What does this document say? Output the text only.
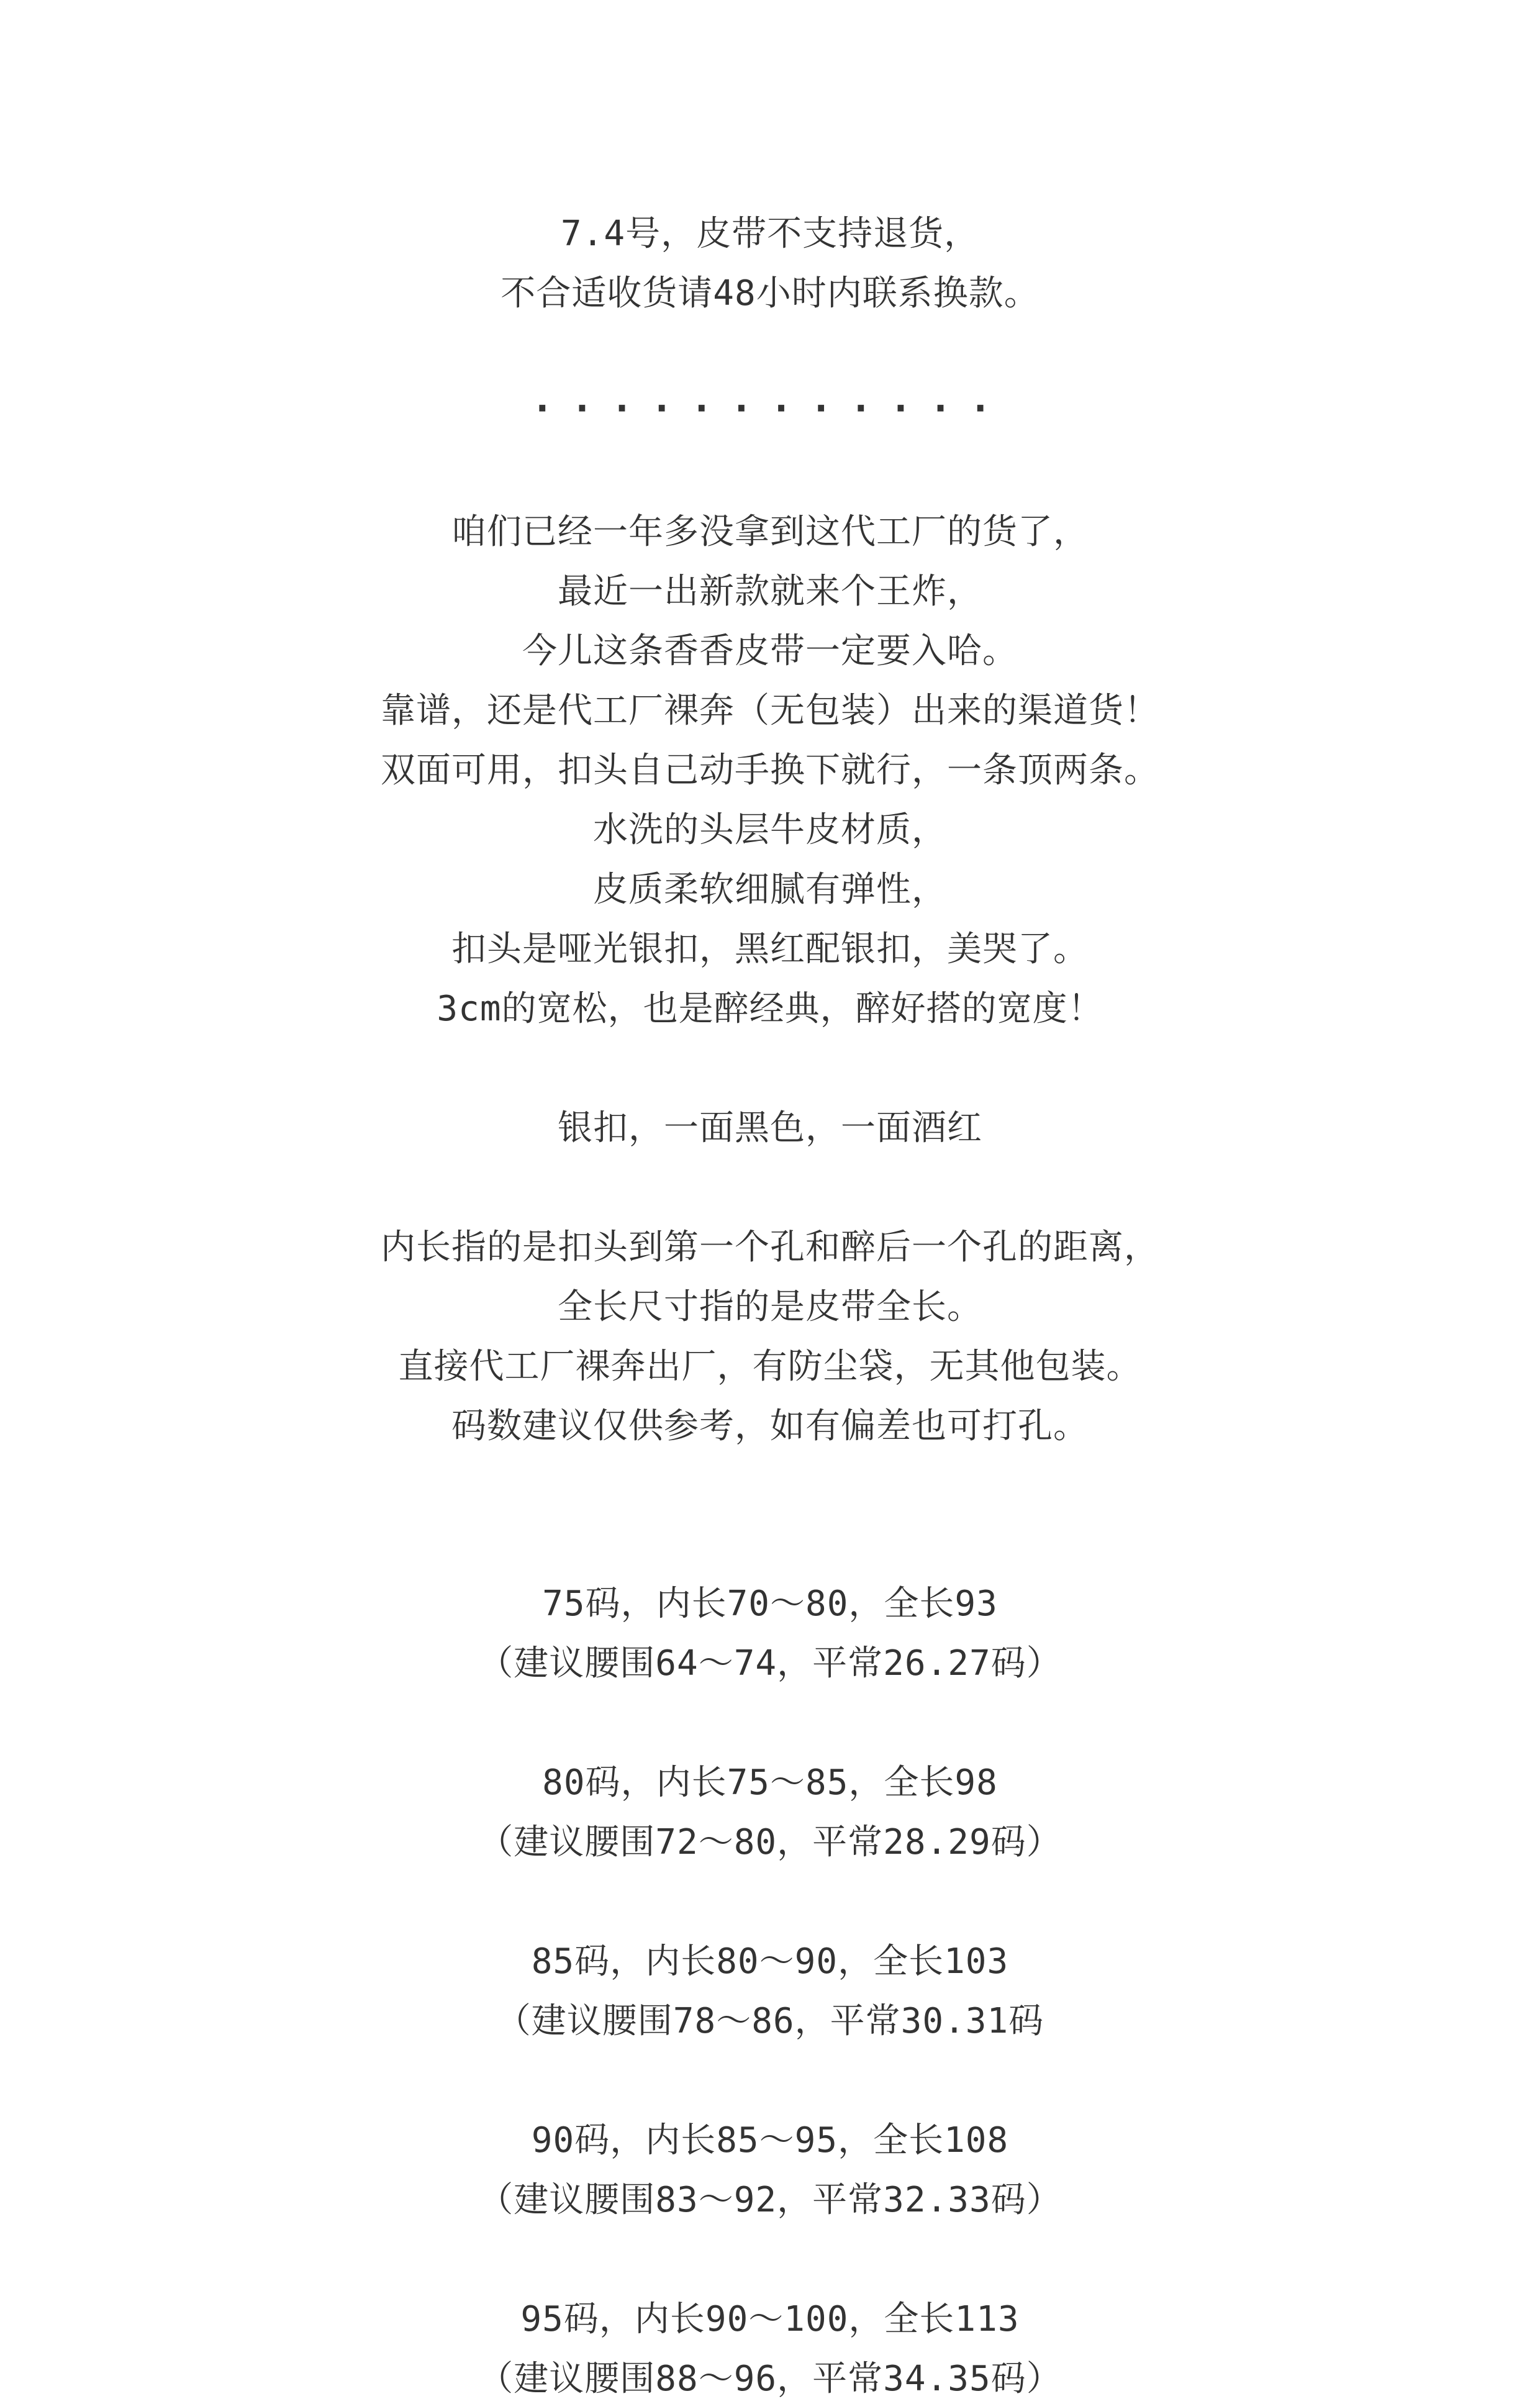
7.4号，皮带不支持退货，
不合适收货请48小时内联系换款。
············
咱们已经一年多没拿到这代工厂的货了，
最近一出新款就来个王炸，
今儿这条香香皮带一定要入哈。
靠谱，还是代工厂裸奔（无包装）出来的渠道货！
双面可用，扣头自己动手换下就行，一条顶两条。
水洗的头层牛皮材质，
皮质柔软细腻有弹性，
扣头是哑光银扣，黑红配银扣，美哭了。
3cm的宽松，也是醉经典，醉好搭的宽度！
银扣，一面黑色，一面酒红
内长指的是扣头到第一个孔和醉后一个孔的距离，
全长尺寸指的是皮带全长。
直接代工厂裸奔出厂，有防尘袋，无其他包装。
码数建议仅供参考，如有偏差也可打孔。
75码，内长70～80，全长93
（建议腰围64～74，平常26.27码）
80码，内长75～85，全长98
（建议腰围72～80，平常28.29码）
85码，内长80～90，全长103
（建议腰围78～86，平常30.31码
90码，内长85～95，全长108
（建议腰围83～92，平常32.33码）
95码，内长90～100，全长113
（建议腰围88～96，平常34.35码）
